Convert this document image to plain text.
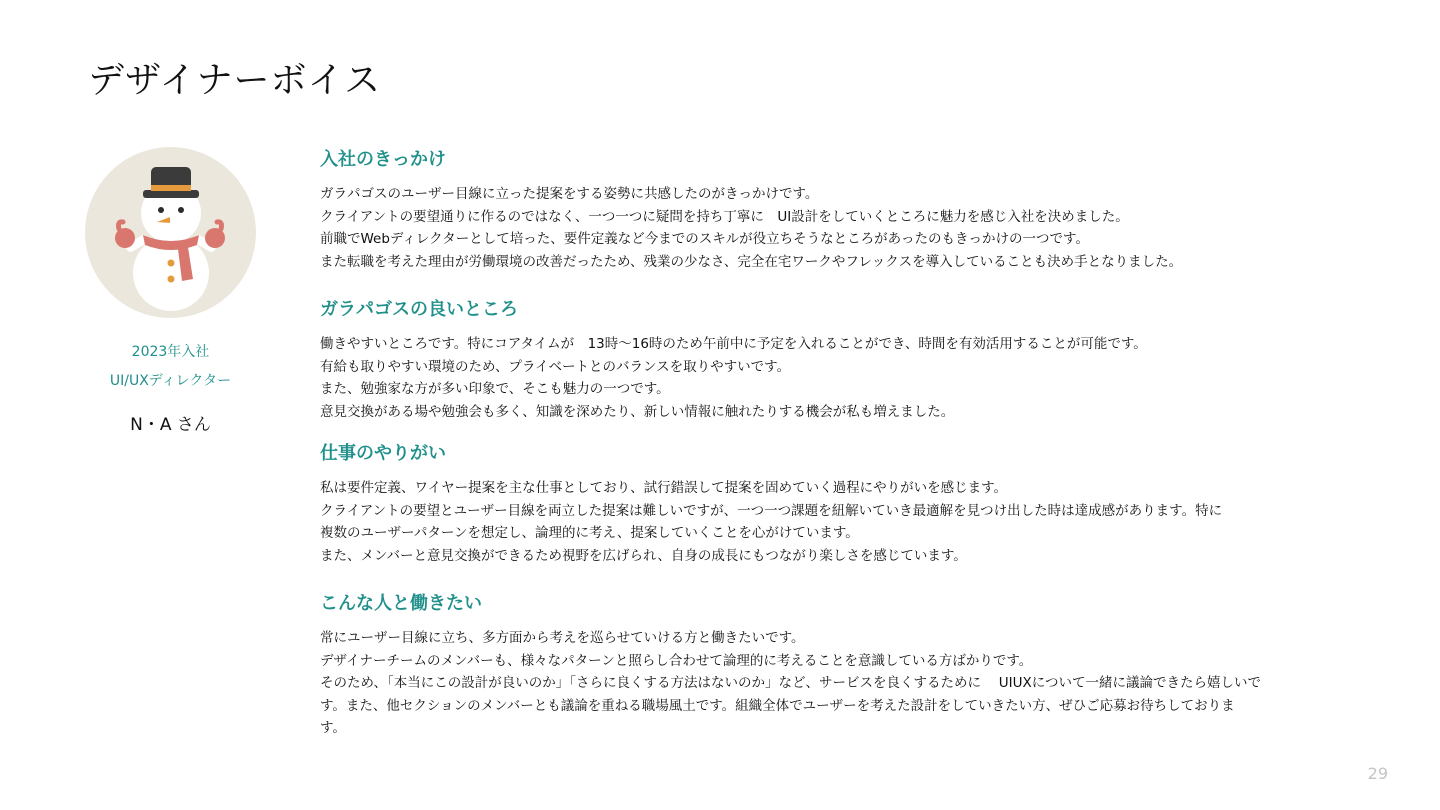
デザイナーボイス
2023年入社
UI/UXディレクター
N・A さん
入社のきっかけ
ガラパゴスのユーザー目線に立った提案をする姿勢に共感したのがきっかけです。
クライアントの要望通りに作るのではなく、一つ一つに疑問を持ち丁寧に　UI設計をしていくところに魅力を感じ入社を決めました。
前職でWebディレクターとして培った、要件定義など今までのスキルが役立ちそうなところがあったのもきっかけの一つです。
また転職を考えた理由が労働環境の改善だったため、残業の少なさ、完全在宅ワークやフレックスを導入していることも決め手となりました。
ガラパゴスの良いところ
働きやすいところです。特にコアタイムが　13時〜16時のため午前中に予定を入れることができ、時間を有効活用することが可能です。
有給も取りやすい環境のため、プライベートとのバランスを取りやすいです。
また、勉強家な方が多い印象で、そこも魅力の一つです。
意見交換がある場や勉強会も多く、知識を深めたり、新しい情報に触れたりする機会が私も増えました。
仕事のやりがい
私は要件定義、ワイヤー提案を主な仕事としており、試行錯誤して提案を固めていく過程にやりがいを感じます。
クライアントの要望とユーザー目線を両立した提案は難しいですが、一つ一つ課題を紐解いていき最適解を見つけ出した時は達成感があります。特に
複数のユーザーパターンを想定し、論理的に考え、提案していくことを心がけています。
また、メンバーと意見交換ができるため視野を広げられ、自身の成長にもつながり楽しさを感じています。
こんな人と働きたい
常にユーザー目線に立ち、多方面から考えを巡らせていける方と働きたいです。
デザイナーチームのメンバーも、様々なパターンと照らし合わせて論理的に考えることを意識している方ばかりです。
そのため、「本当にこの設計が良いのか」「さらに良くする方法はないのか」など、サービスを良くするために　 UIUXについて一緒に議論できたら嬉しいで
す。また、他セクションのメンバーとも議論を重ねる職場風土です。組織全体でユーザーを考えた設計をしていきたい方、ぜひご応募お待ちしておりま
す。
29
